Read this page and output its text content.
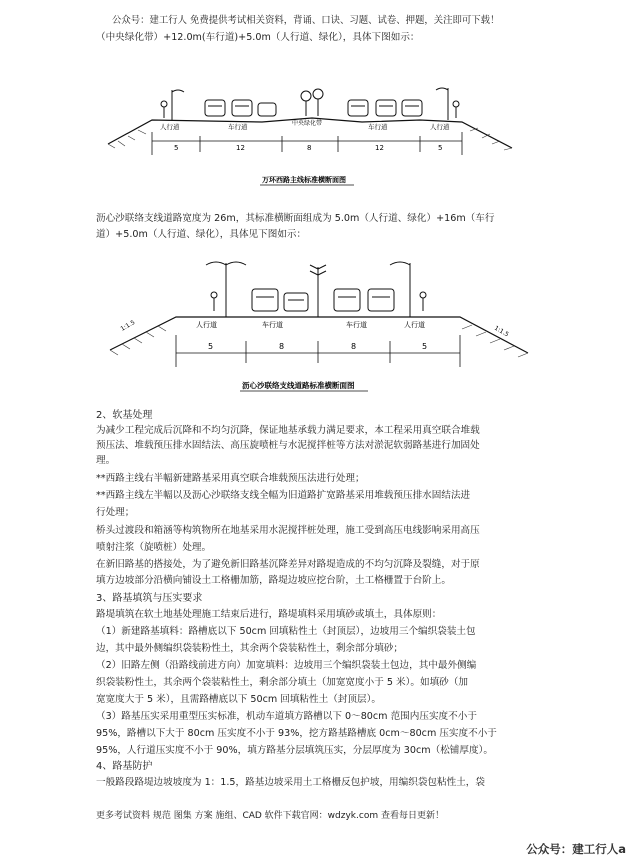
公众号：建工行人 免费提供考试相关资料，背诵、口诀、习题、试卷、押题，关注即可下载！
（中央绿化带）+12.0m(车行道)+5.0m（人行道、绿化），具体下图如示：
人行道	车行道	中央绿化带	车行道	人行道
5	12	8	12	5
万环西路主线标准横断面图
沥心沙联络支线道路宽度为 26m，其标准横断面组成为 5.0m（人行道、绿化）+16m（车行
道）+5.0m（人行道、绿化），具体见下图如示：
1:1.5	1:1.5
人行道	车行道	车行道	人行道
5	8	8	5
沥心沙联络支线道路标准横断面图
2、软基处理
为减少工程完成后沉降和不均匀沉降，保证地基承载力满足要求，本工程采用真空联合堆载
预压法、堆载预压排水固结法、高压旋喷桩与水泥搅拌桩等方法对淤泥软弱路基进行加固处
理。
**西路主线右半幅新建路基采用真空联合堆载预压法进行处理；
**西路主线左半幅以及沥心沙联络支线全幅为旧道路扩宽路基采用堆载预压排水固结法进
行处理；
桥头过渡段和箱涵等构筑物所在地基采用水泥搅拌桩处理，施工受到高压电线影响采用高压
喷射注浆（旋喷桩）处理。
在新旧路基的搭接处，为了避免新旧路基沉降差异对路堤造成的不均匀沉降及裂缝，对于原
填方边坡部分沿横向铺设土工格栅加筋，路堤边坡应挖台阶，土工格栅置于台阶上。
3、路基填筑与压实要求
路堤填筑在软土地基处理施工结束后进行，路堤填料采用填砂或填土，具体原则：
（1）新建路基填料：路槽底以下 50cm 回填粘性土（封顶层），边坡用三个编织袋装土包
边，其中最外侧编织袋装粉性土，其余两个袋装粘性土，剩余部分填砂；
（2）旧路左侧（沿路线前进方向）加宽填料：边坡用三个编织袋装土包边，其中最外侧编
织袋装粉性土，其余两个袋装粘性土，剩余部分填土（加宽宽度小于 5 米）。如填砂（加
宽宽度大于 5 米），且需路槽底以下 50cm 回填粘性土（封顶层）。
（3）路基压实采用重型压实标准，机动车道填方路槽以下 0～80cm 范围内压实度不小于
95%，路槽以下大于 80cm 压实度不小于 93%，挖方路基路槽底 0cm～80cm 压实度不小于
95%，人行道压实度不小于 90%，填方路基分层填筑压实，分层厚度为 30cm（松铺厚度）。
4、路基防护
一般路段路堤边坡坡度为 1：1.5，路基边坡采用土工格栅反包护坡，用编织袋包粘性土，袋
更多考试资料 规范 图集 方案 施组、CAD 软件下载官网：wdzyk.com 查看每日更新！
公众号：建工行人a
